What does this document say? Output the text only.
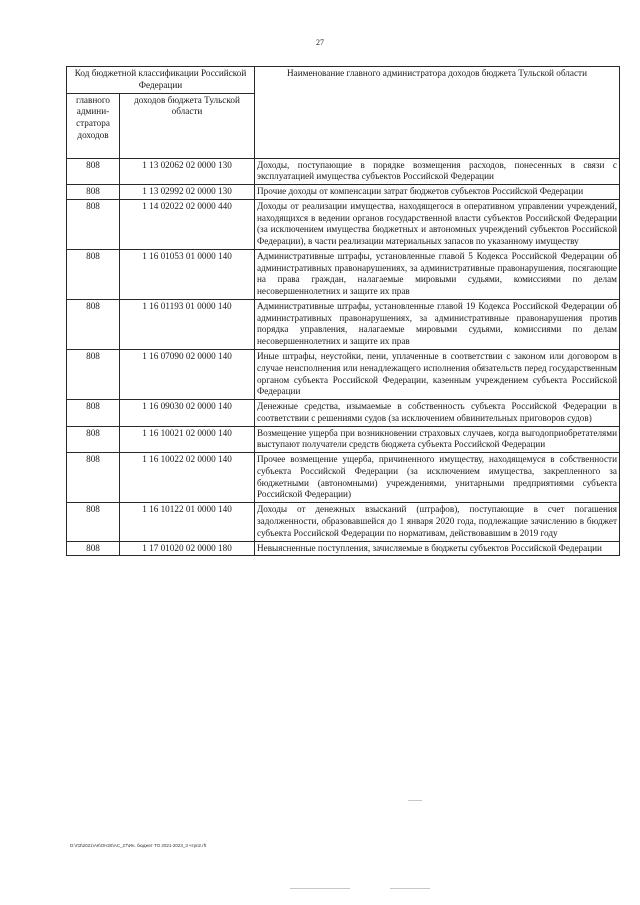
27
Код бюджетной классификации Российской Федерации		Наименование главного администратора доходов бюджета Тульской области
главного админи-стратора доходов	доходов бюджета Тульской области	
808	1 13 02062 02 0000 130	Доходы, поступающие в порядке возмещения расходов, понесенных в связи с эксплуатацией имущества субъектов Российской Федерации
808	1 13 02992 02 0000 130	Прочие доходы от компенсации затрат бюджетов субъектов Российской Федерации
808	1 14 02022 02 0000 440	Доходы от реализации имущества, находящегося в оперативном управлении учреждений, находящихся в ведении органов государственной власти субъектов Российской Федерации (за исключением имущества бюджетных и автономных учреждений субъектов Российской Федерации), в части реализации материальных запасов по указанному имуществу
808	1 16 01053 01 0000 140	Административные штрафы, установленные главой 5 Кодекса Российской Федерации об административных правонарушениях, за административные правонарушения, посягающие на права граждан, налагаемые мировыми судьями, комиссиями по делам несовершеннолетних и защите их прав
808	1 16 01193 01 0000 140	Административные штрафы, установленные главой 19 Кодекса Российской Федерации об административных правонарушениях, за административные правонарушения против порядка управления, налагаемые мировыми судьями, комиссиями по делам несовершеннолетних и защите их прав
808	1 16 07090 02 0000 140	Иные штрафы, неустойки, пени, уплаченные в соответствии с законом или договором в случае неисполнения или ненадлежащего исполнения обязательств перед государственным органом субъекта Российской Федерации, казенным учреждением субъекта Российской Федерации
808	1 16 09030 02 0000 140	Денежные средства, изымаемые в собственность субъекта Российской Федерации в соответствии с решениями судов (за исключением обвинительных приговоров судов)
808	1 16 10021 02 0000 140	Возмещение ущерба при возникновении страховых случаев, когда выгодоприобретателями выступают получатели средств бюджета субъекта Российской Федерации
808	1 16 10022 02 0000 140	Прочее возмещение ущерба, причиненного имуществу, находящемуся в собственности субъекта Российской Федерации (за исключением имущества, закрепленного за бюджетными (автономными) учреждениями, унитарными предприятиями субъекта Российской Федерации)
808	1 16 10122 01 0000 140	Доходы от денежных взысканий (штрафов), поступающие в счет погашения задолженности, образовавшейся до 1 января 2020 года, подлежащие зачислению в бюджет субъекта Российской Федерации по нормативам, действовавшим в 2019 году
808	1 17 01020 02 0000 180	Невыясненные поступления, зачисляемые в бюджеты субъектов Российской Федерации
D:\ЛЗ\2021\АК\ОН26\АС_27\Ин. бюджет ТО 2021-2023_3 чтрп2.rft
